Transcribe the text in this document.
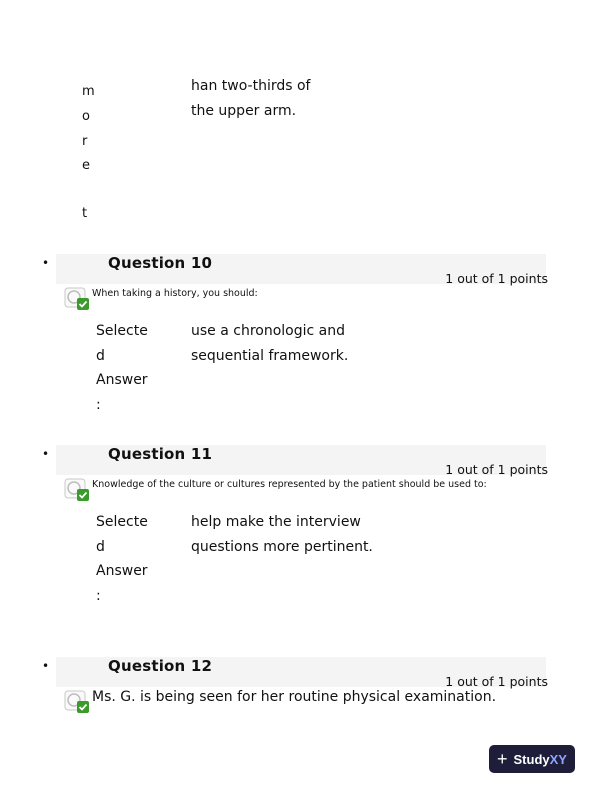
m
o
r
e
t
han two-thirds of
the upper arm.
•	Question 10
1 out of 1 points
When taking a history, you should:
Selecte
d
Answer
:
use a chronologic and
sequential framework.
•	Question 11
1 out of 1 points
Knowledge of the culture or cultures represented by the patient should be used to:
Selecte
d
Answer
:
help make the interview
questions more pertinent.
•	Question 12
1 out of 1 points
Ms. G. is being seen for her routine physical examination.
+ StudyXY
